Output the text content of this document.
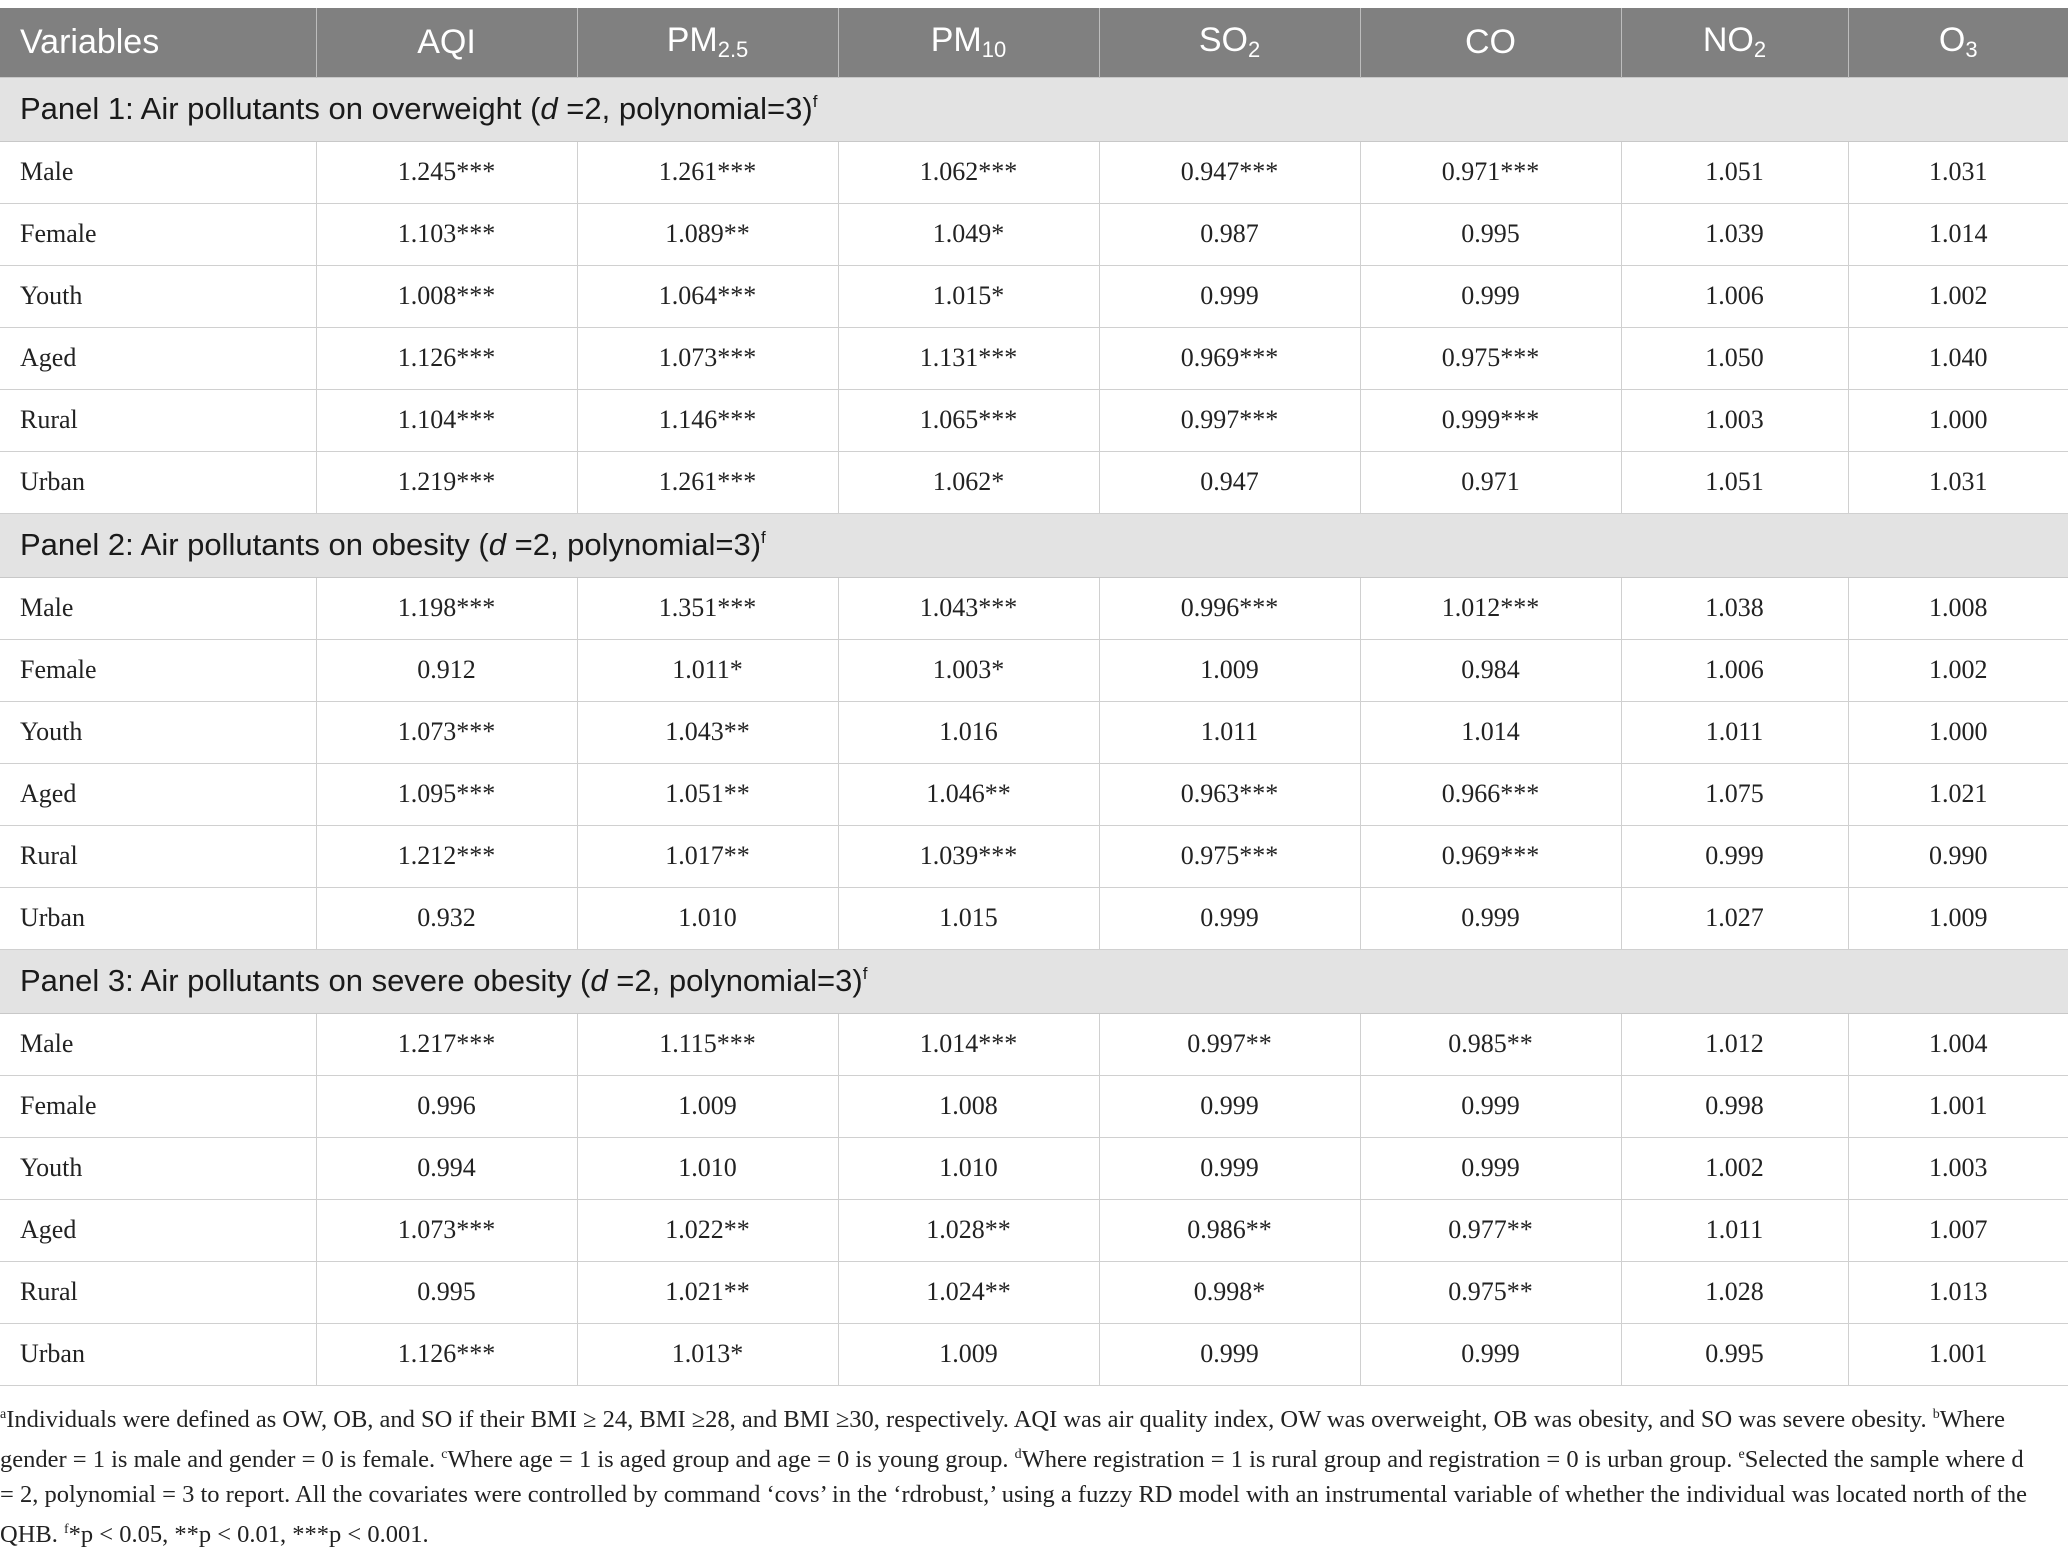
Variables	AQI	$PM_{2.5}$	$PM_{10}$	$SO_2$	CO	$NO_2$	$O_3$
Panel 1: Air pollutants on overweight (d =2, polynomial=3)$^f$
Male	1.245***	1.261***	1.062***	0.947***	0.971***	1.051	1.031
Female	1.103***	1.089**	1.049*	0.987	0.995	1.039	1.014
Youth	1.008***	1.064***	1.015*	0.999	0.999	1.006	1.002
Aged	1.126***	1.073***	1.131***	0.969***	0.975***	1.050	1.040
Rural	1.104***	1.146***	1.065***	0.997***	0.999***	1.003	1.000
Urban	1.219***	1.261***	1.062*	0.947	0.971	1.051	1.031
Panel 2: Air pollutants on obesity (d =2, polynomial=3)$^f$
Male	1.198***	1.351***	1.043***	0.996***	1.012***	1.038	1.008
Female	0.912	1.011*	1.003*	1.009	0.984	1.006	1.002
Youth	1.073***	1.043**	1.016	1.011	1.014	1.011	1.000
Aged	1.095***	1.051**	1.046**	0.963***	0.966***	1.075	1.021
Rural	1.212***	1.017**	1.039***	0.975***	0.969***	0.999	0.990
Urban	0.932	1.010	1.015	0.999	0.999	1.027	1.009
Panel 3: Air pollutants on severe obesity (d =2, polynomial=3)$^f$
Male	1.217***	1.115***	1.014***	0.997**	0.985**	1.012	1.004
Female	0.996	1.009	1.008	0.999	0.999	0.998	1.001
Youth	0.994	1.010	1.010	0.999	0.999	1.002	1.003
Aged	1.073***	1.022**	1.028**	0.986**	0.977**	1.011	1.007
Rural	0.995	1.021**	1.024**	0.998*	0.975**	1.028	1.013
Urban	1.126***	1.013*	1.009	0.999	0.999	0.995	1.001
$^a$Individuals were defined as OW, OB, and SO if their BMI ≥ 24, BMI ≥28, and BMI ≥30, respectively. AQI was air quality index, OW was overweight, OB was obesity, and SO was severe obesity. $^b$Where gender = 1 is male and gender = 0 is female. $^c$Where age = 1 is aged group and age = 0 is young group. $^d$Where registration = 1 is rural group and registration = 0 is urban group. $^e$Selected the sample where d = 2, polynomial = 3 to report. All the covariates were controlled by command ‘covs’ in the ‘rdrobust,’ using a fuzzy RD model with an instrumental variable of whether the individual was located north of the QHB. $^f$*p < 0.05, **p < 0.01, ***p < 0.001.
